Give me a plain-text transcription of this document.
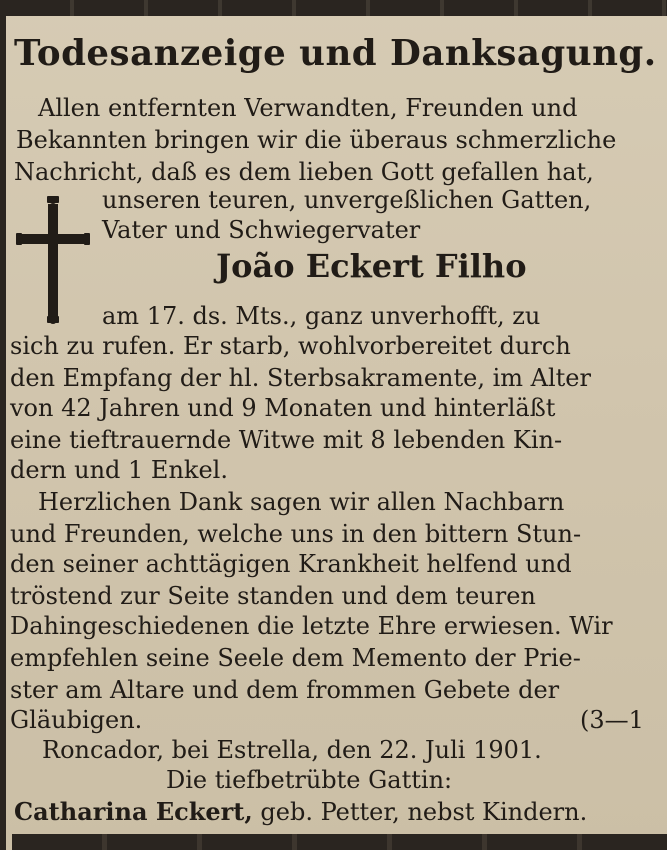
Todesanzeige und Danksagung.
Allen entfernten Verwandten, Freunden und
Bekannten bringen wir die überaus schmerzliche
Nachricht, daß es dem lieben Gott gefallen hat,
unseren teuren, unvergeßlichen Gatten,
Vater und Schwiegervater
João Eckert Filho
am 17. ds. Mts., ganz unverhofft, zu
sich zu rufen. Er starb, wohlvorbereitet durch
den Empfang der hl. Sterbsakramente, im Alter
von 42 Jahren und 9 Monaten und hinterläßt
eine tieftrauernde Witwe mit 8 lebenden Kin-
dern und 1 Enkel.
Herzlichen Dank sagen wir allen Nachbarn
und Freunden, welche uns in den bittern Stun-
den seiner achttägigen Krankheit helfend und
tröstend zur Seite standen und dem teuren
Dahingeschiedenen die letzte Ehre erwiesen. Wir
empfehlen seine Seele dem Memento der Prie-
ster am Altare und dem frommen Gebete der
Gläubigen.	(3—1
Roncador, bei Estrella, den 22. Juli 1901.
Die tiefbetrübte Gattin:
Catharina Eckert, geb. Petter, nebst Kindern.
